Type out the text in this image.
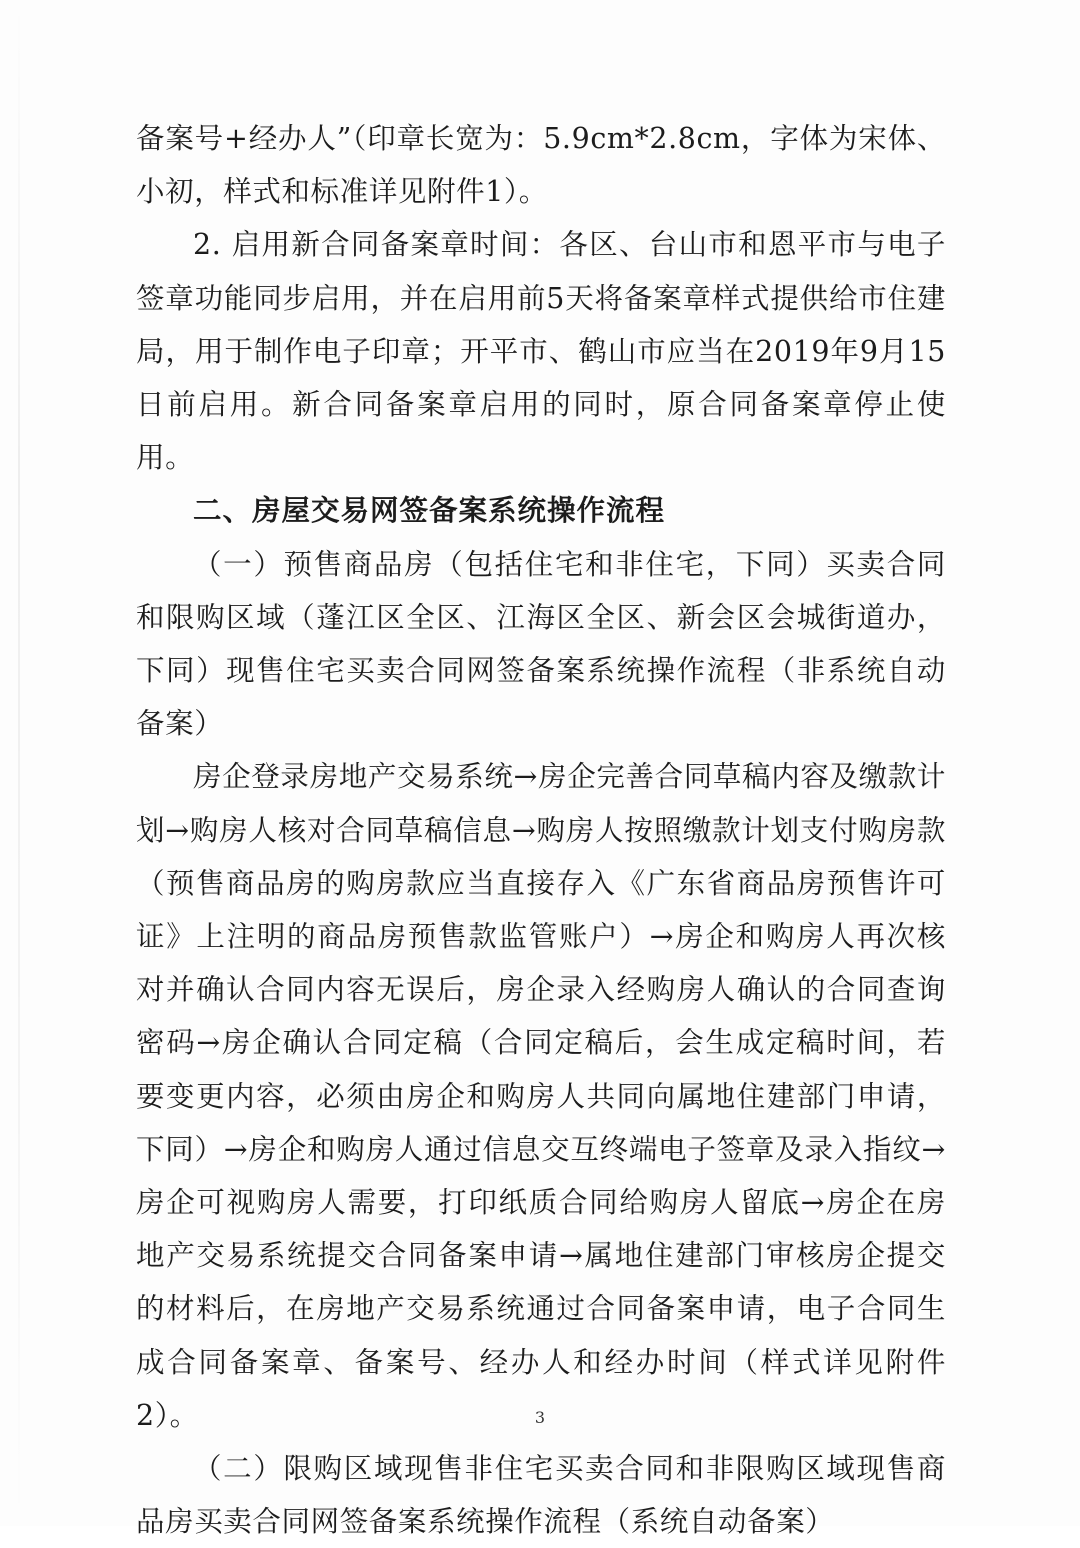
备案号+经办人”（印章长宽为：5.9cm*2.8cm，字体为宋体、小初，样式和标准详见附件1）。

2. 启用新合同备案章时间：各区、台山市和恩平市与电子签章功能同步启用，并在启用前5天将备案章样式提供给市住建局，用于制作电子印章；开平市、鹤山市应当在2019年9月15日前启用。新合同备案章启用的同时，原合同备案章停止使用。

二、房屋交易网签备案系统操作流程

（一）预售商品房（包括住宅和非住宅，下同）买卖合同和限购区域（蓬江区全区、江海区全区、新会区会城街道办，下同）现售住宅买卖合同网签备案系统操作流程（非系统自动备案）

房企登录房地产交易系统→房企完善合同草稿内容及缴款计划→购房人核对合同草稿信息→购房人按照缴款计划支付购房款（预售商品房的购房款应当直接存入《广东省商品房预售许可证》上注明的商品房预售款监管账户）→房企和购房人再次核对并确认合同内容无误后，房企录入经购房人确认的合同查询密码→房企确认合同定稿（合同定稿后，会生成定稿时间，若要变更内容，必须由房企和购房人共同向属地住建部门申请，下同）→房企和购房人通过信息交互终端电子签章及录入指纹→房企可视购房人需要，打印纸质合同给购房人留底→房企在房地产交易系统提交合同备案申请→属地住建部门审核房企提交的材料后，在房地产交易系统通过合同备案申请，电子合同生成合同备案章、备案号、经办人和经办时间（样式详见附件2）。

（二）限购区域现售非住宅买卖合同和非限购区域现售商品房买卖合同网签备案系统操作流程（系统自动备案）

3
